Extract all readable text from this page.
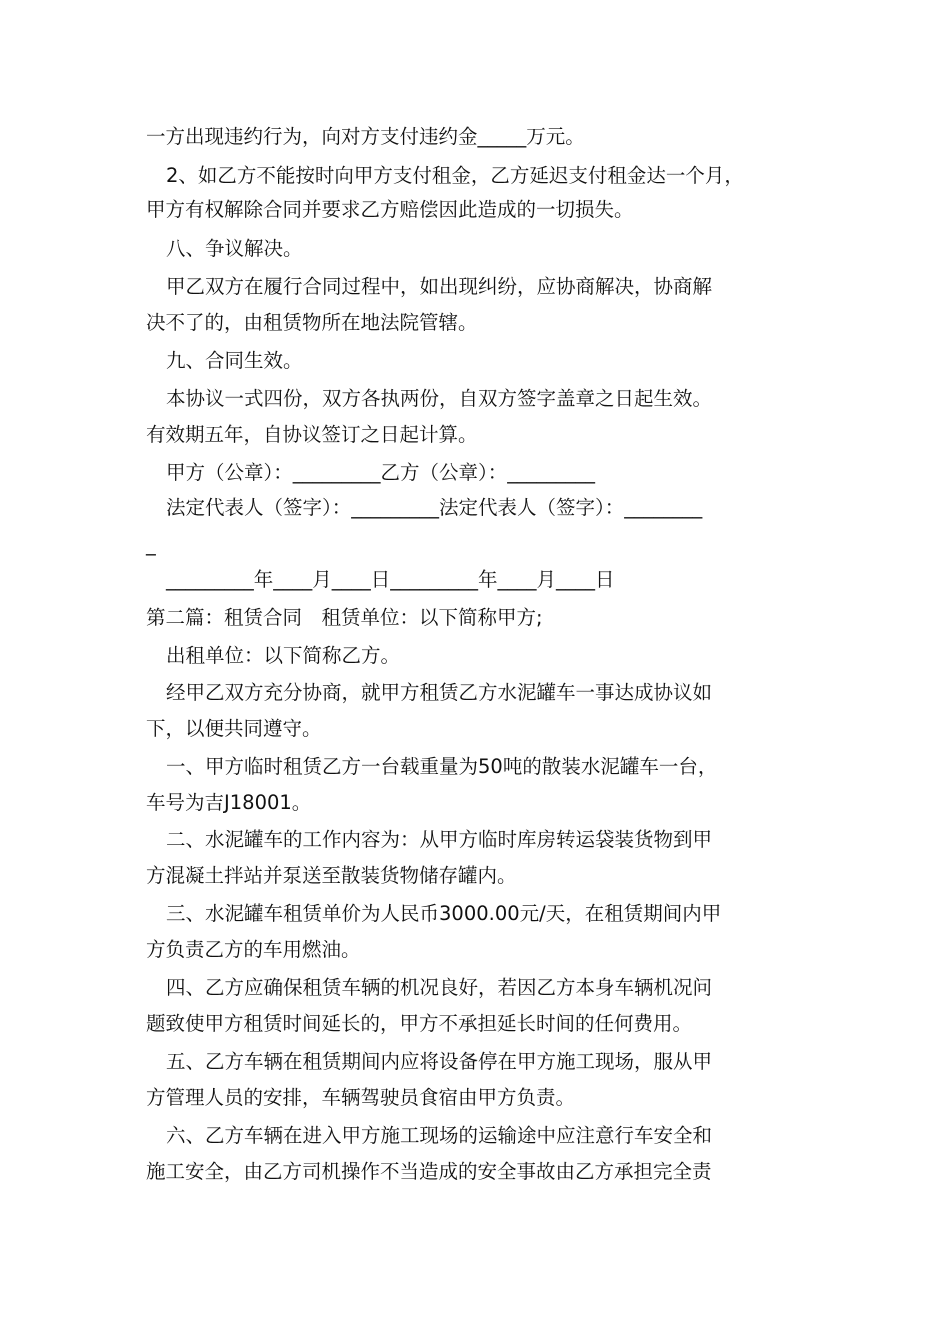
一方出现违约行为，向对方支付违约金_____万元。
2、如乙方不能按时向甲方支付租金，乙方延迟支付租金达一个月，
甲方有权解除合同并要求乙方赔偿因此造成的一切损失。
八、争议解决。
甲乙双方在履行合同过程中，如出现纠纷，应协商解决，协商解
决不了的，由租赁物所在地法院管辖。
九、合同生效。
本协议一式四份，双方各执两份，自双方签字盖章之日起生效。
有效期五年，自协议签订之日起计算。
甲方（公章）：_________乙方（公章）：_________
法定代表人（签字）：_________法定代表人（签字）：________
_
_________年____月____日_________年____月____日
第二篇：租赁合同　租赁单位：以下简称甲方;
出租单位：以下简称乙方。
经甲乙双方充分协商，就甲方租赁乙方水泥罐车一事达成协议如
下，以便共同遵守。
一、甲方临时租赁乙方一台载重量为50吨的散装水泥罐车一台，
车号为吉J18001。
二、水泥罐车的工作内容为：从甲方临时库房转运袋装货物到甲
方混凝土拌站并泵送至散装货物储存罐内。
三、水泥罐车租赁单价为人民币3000.00元/天，在租赁期间内甲
方负责乙方的车用燃油。
四、乙方应确保租赁车辆的机况良好，若因乙方本身车辆机况问
题致使甲方租赁时间延长的，甲方不承担延长时间的任何费用。
五、乙方车辆在租赁期间内应将设备停在甲方施工现场，服从甲
方管理人员的安排，车辆驾驶员食宿由甲方负责。
六、乙方车辆在进入甲方施工现场的运输途中应注意行车安全和
施工安全，由乙方司机操作不当造成的安全事故由乙方承担完全责
